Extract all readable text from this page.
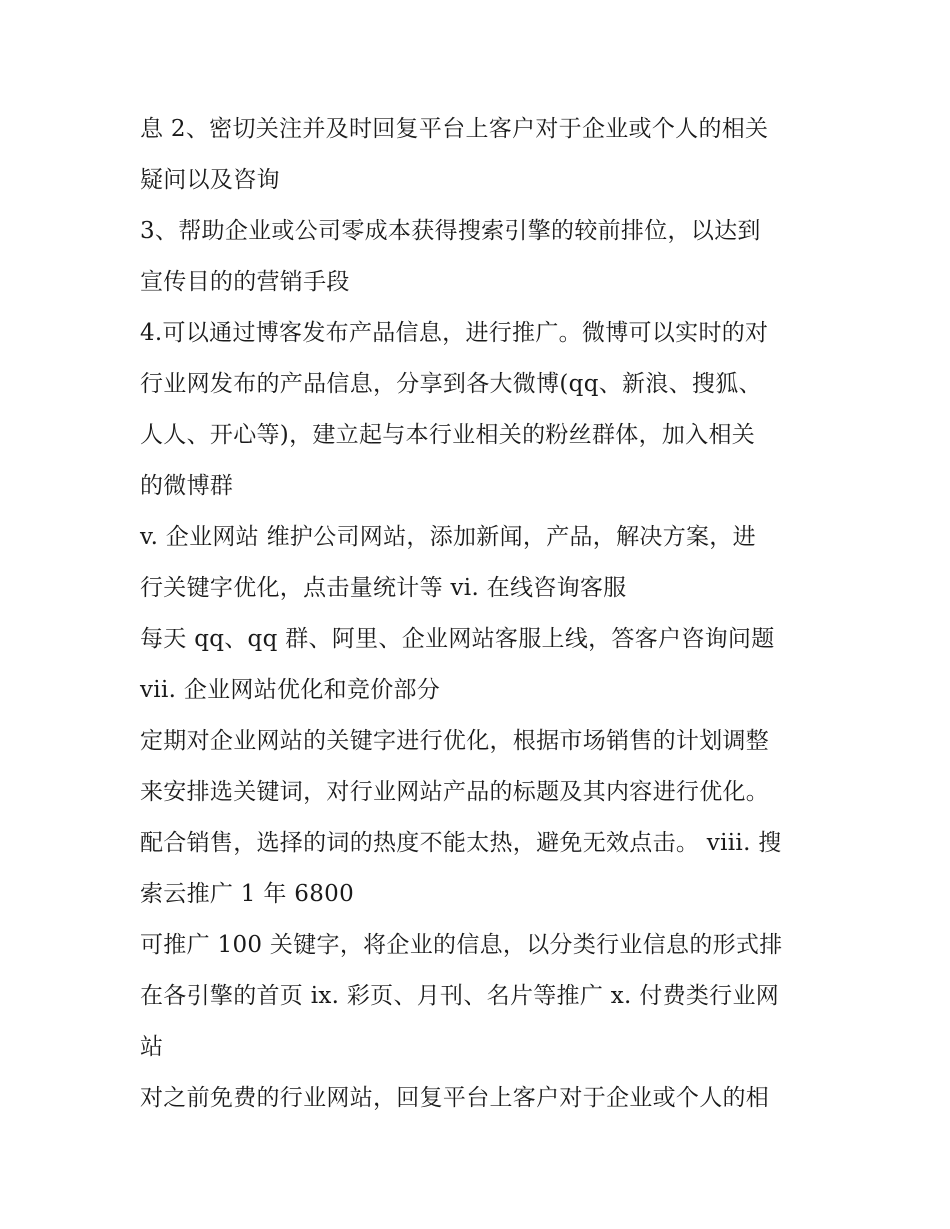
息 2、密切关注并及时回复平台上客户对于企业或个人的相关
疑问以及咨询
3、帮助企业或公司零成本获得搜索引擎的较前排位，以达到
宣传目的的营销手段
4.可以通过博客发布产品信息，进行推广。微博可以实时的对
行业网发布的产品信息，分享到各大微博(qq、新浪、搜狐、
人人、开心等)，建立起与本行业相关的粉丝群体，加入相关
的微博群
v. 企业网站 维护公司网站，添加新闻，产品，解决方案，进
行关键字优化，点击量统计等 vi. 在线咨询客服
每天 qq、qq 群、阿里、企业网站客服上线，答客户咨询问题
vii. 企业网站优化和竞价部分
定期对企业网站的关键字进行优化，根据市场销售的计划调整
来安排选关键词，对行业网站产品的标题及其内容进行优化。
配合销售，选择的词的热度不能太热，避免无效点击。 viii. 搜
索云推广 1 年 6800
可推广 100 关键字，将企业的信息，以分类行业信息的形式排
在各引擎的首页 ix. 彩页、月刊、名片等推广 x. 付费类行业网
站
对之前免费的行业网站，回复平台上客户对于企业或个人的相
